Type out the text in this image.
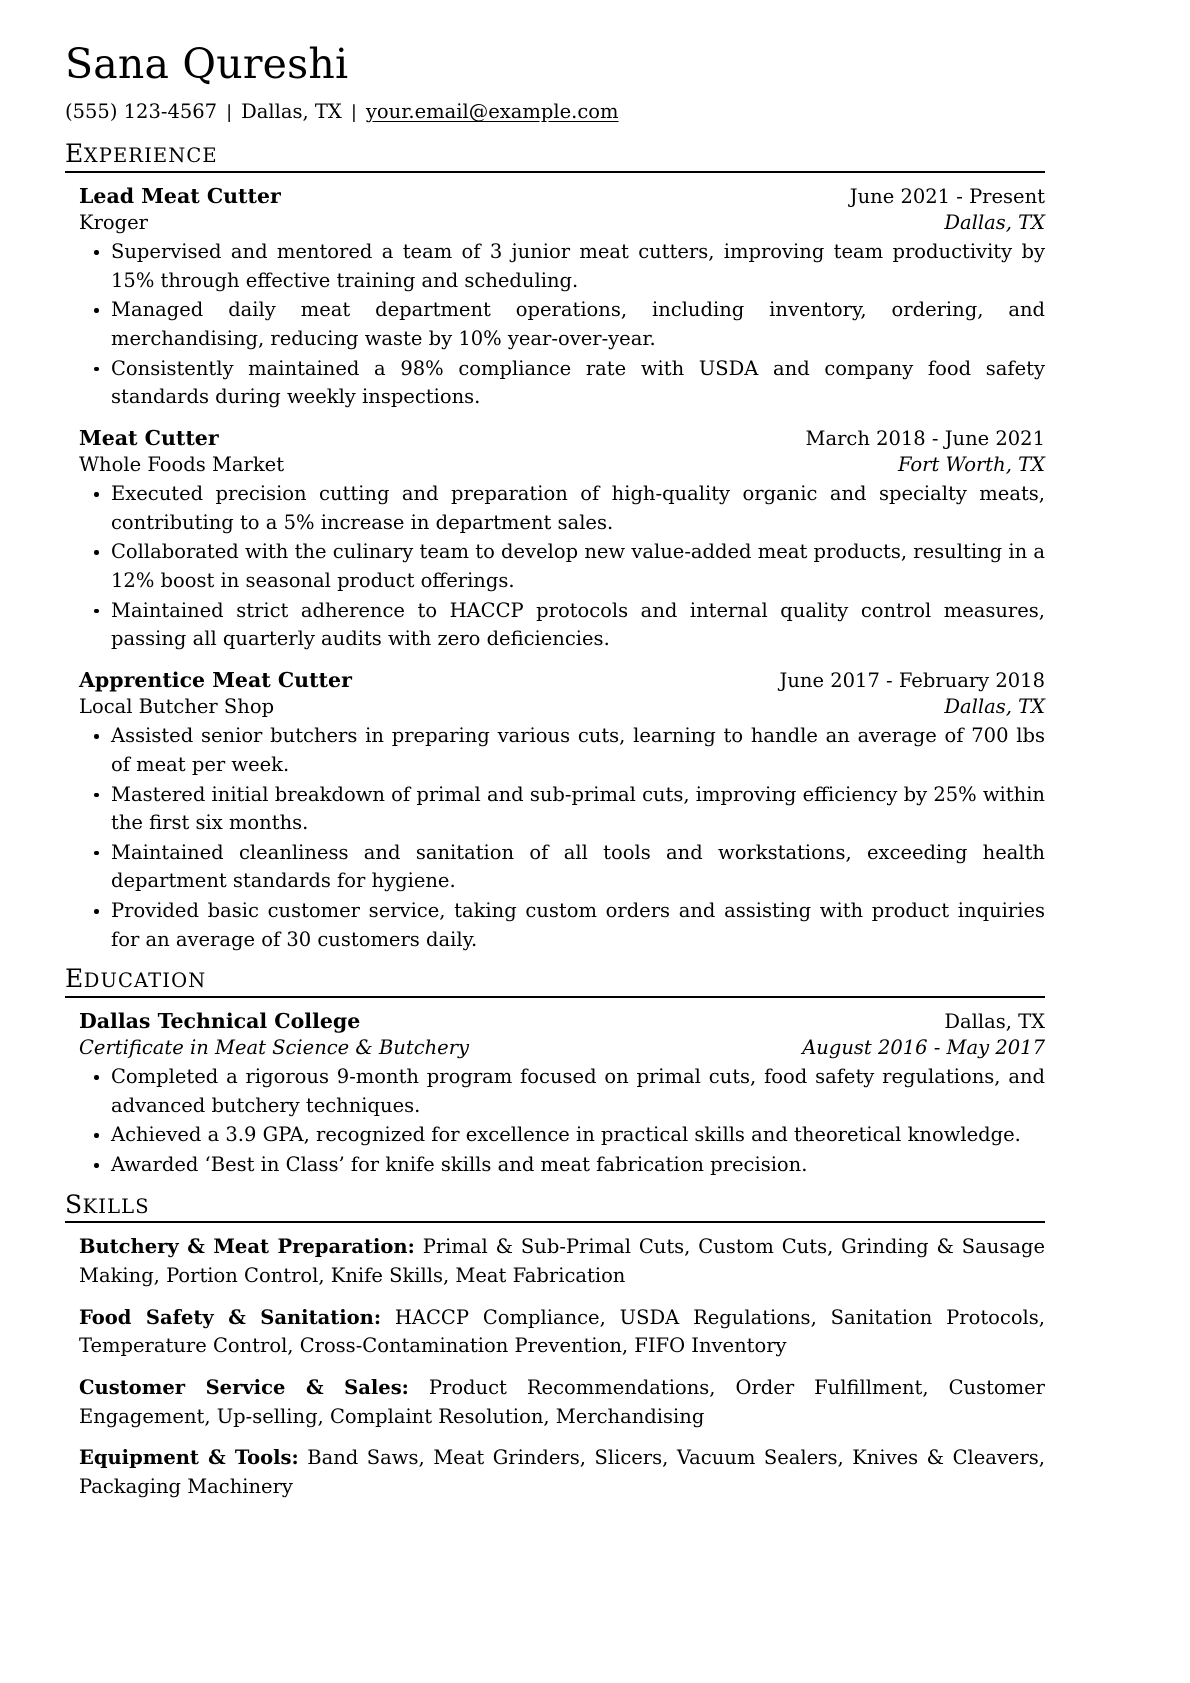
Sana Qureshi
(555) 123-4567 | Dallas, TX | your.email@example.com
EXPERIENCE
Lead Meat Cutter	June 2021 - Present
Kroger	Dallas, TX
Supervised and mentored a team of 3 junior meat cutters, improving team productivity by 15% through effective training and scheduling.
Managed daily meat department operations, including inventory, ordering, and merchandising, reducing waste by 10% year-over-year.
Consistently maintained a 98% compliance rate with USDA and company food safety standards during weekly inspections.
Meat Cutter	March 2018 - June 2021
Whole Foods Market	Fort Worth, TX
Executed precision cutting and preparation of high-quality organic and specialty meats, contributing to a 5% increase in department sales.
Collaborated with the culinary team to develop new value-added meat products, resulting in a 12% boost in seasonal product offerings.
Maintained strict adherence to HACCP protocols and internal quality control measures, passing all quarterly audits with zero deficiencies.
Apprentice Meat Cutter	June 2017 - February 2018
Local Butcher Shop	Dallas, TX
Assisted senior butchers in preparing various cuts, learning to handle an average of 700 lbs of meat per week.
Mastered initial breakdown of primal and sub-primal cuts, improving efficiency by 25% within the first six months.
Maintained cleanliness and sanitation of all tools and workstations, exceeding health department standards for hygiene.
Provided basic customer service, taking custom orders and assisting with product inquiries for an average of 30 customers daily.
EDUCATION
Dallas Technical College	Dallas, TX
Certificate in Meat Science & Butchery	August 2016 - May 2017
Completed a rigorous 9-month program focused on primal cuts, food safety regulations, and advanced butchery techniques.
Achieved a 3.9 GPA, recognized for excellence in practical skills and theoretical knowledge.
Awarded ‘Best in Class’ for knife skills and meat fabrication precision.
SKILLS

Butchery & Meat Preparation: Primal & Sub-Primal Cuts, Custom Cuts, Grinding & Sausage Making, Portion Control, Knife Skills, Meat Fabrication

Food Safety & Sanitation: HACCP Compliance, USDA Regulations, Sanitation Protocols, Temperature Control, Cross-Contamination Prevention, FIFO Inventory

Customer Service & Sales: Product Recommendations, Order Fulfillment, Customer Engagement, Up-selling, Complaint Resolution, Merchandising

Equipment & Tools: Band Saws, Meat Grinders, Slicers, Vacuum Sealers, Knives & Cleavers, Packaging Machinery
